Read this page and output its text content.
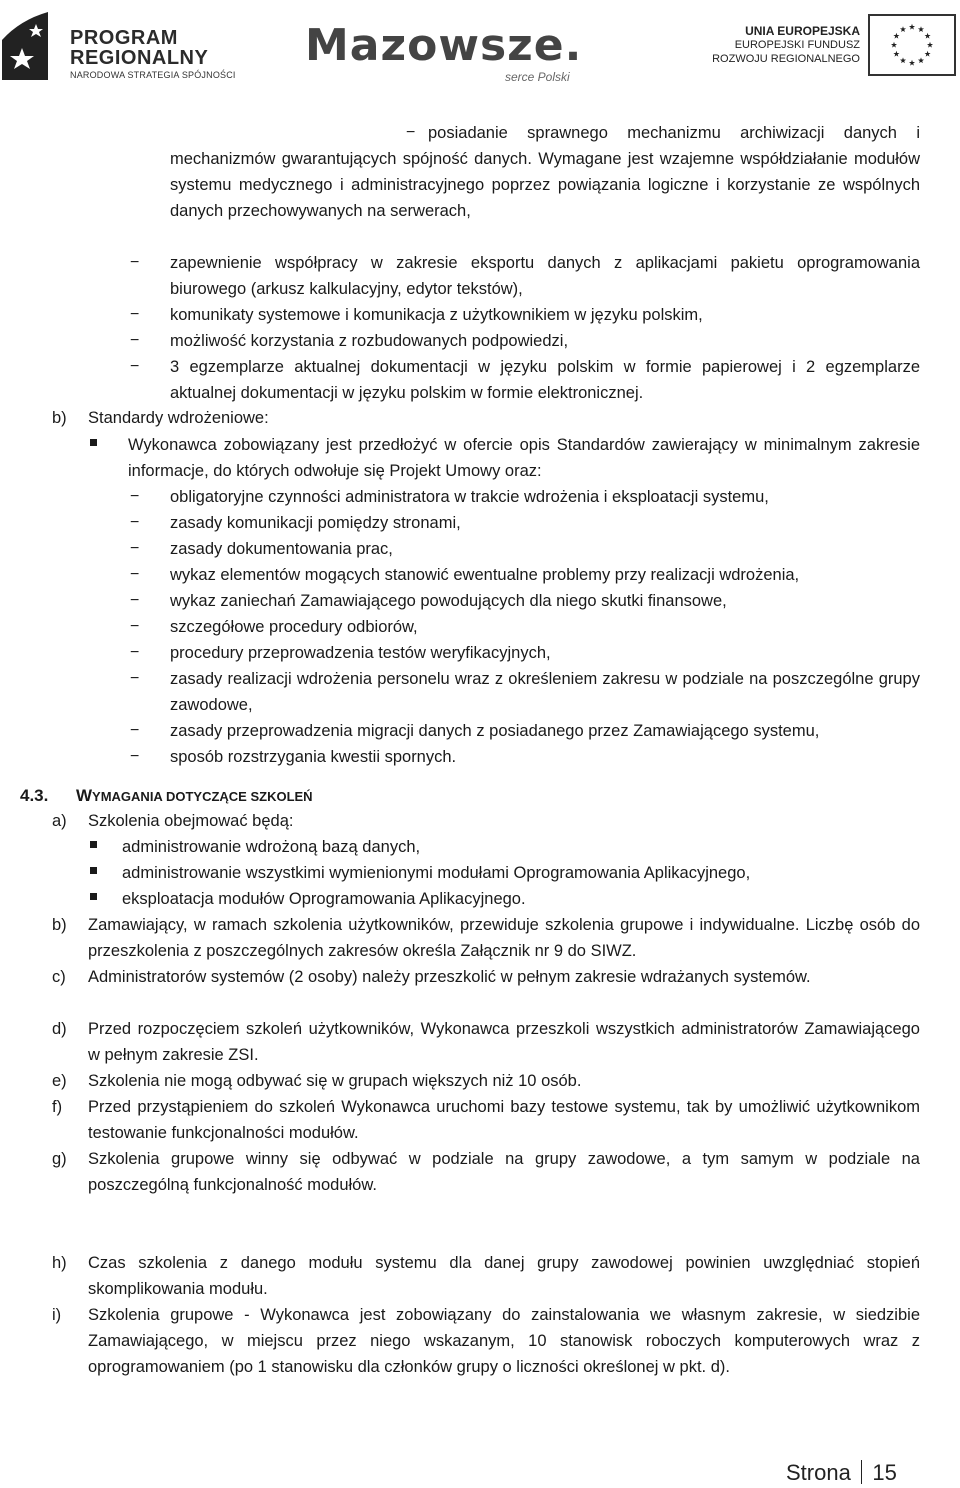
PROGRAM
REGIONALNY
NARODOWA STRATEGIA SPÓJNOŚCI
Mazowsze.
serce Polski
UNIA EUROPEJSKA
EUROPEJSKI FUNDUSZ
ROZWOJU REGIONALNEGO
− posiadanie sprawnego mechanizmu archiwizacji danych i mechanizmów gwarantujących spójność danych. Wymagane jest wzajemne współdziałanie modułów systemu medycznego i administracyjnego poprzez powiązania logiczne i korzystanie ze wspólnych danych przechowywanych na serwerach,
− zapewnienie współpracy w zakresie eksportu danych z aplikacjami pakietu oprogramowania biurowego (arkusz kalkulacyjny, edytor tekstów),
− komunikaty systemowe i komunikacja z użytkownikiem w języku polskim,
− możliwość korzystania z rozbudowanych podpowiedzi,
− 3 egzemplarze aktualnej dokumentacji w języku polskim w formie papierowej i 2 egzemplarze aktualnej dokumentacji w języku polskim w formie elektronicznej.
b) Standardy wdrożeniowe:
Wykonawca zobowiązany jest przedłożyć w ofercie opis Standardów zawierający w minimalnym zakresie informacje, do których odwołuje się Projekt Umowy oraz:
− obligatoryjne czynności administratora w trakcie wdrożenia i eksploatacji systemu,
− zasady komunikacji pomiędzy stronami,
− zasady dokumentowania prac,
− wykaz elementów mogących stanowić ewentualne problemy przy realizacji wdrożenia,
− wykaz zaniechań Zamawiającego powodujących dla niego skutki finansowe,
− szczegółowe procedury odbiorów,
− procedury przeprowadzenia testów weryfikacyjnych,
− zasady realizacji wdrożenia personelu wraz z określeniem zakresu w podziale na poszczególne grupy zawodowe,
− zasady przeprowadzenia migracji danych z posiadanego przez Zamawiającego systemu,
− sposób rozstrzygania kwestii spornych.
4.3. WYMAGANIA DOTYCZĄCE SZKOLEŃ
a) Szkolenia obejmować będą:
administrowanie wdrożoną bazą danych,
administrowanie wszystkimi wymienionymi modułami Oprogramowania Aplikacyjnego,
eksploatacja modułów Oprogramowania Aplikacyjnego.
b) Zamawiający, w ramach szkolenia użytkowników, przewiduje szkolenia grupowe i indywidualne. Liczbę osób do przeszkolenia z poszczególnych zakresów określa Załącznik nr 9 do SIWZ.
c) Administratorów systemów (2 osoby) należy przeszkolić w pełnym zakresie wdrażanych systemów.
d) Przed rozpoczęciem szkoleń użytkowników, Wykonawca przeszkoli wszystkich administratorów Zamawiającego w pełnym zakresie ZSI.
e) Szkolenia nie mogą odbywać się w grupach większych niż 10 osób.
f) Przed przystąpieniem do szkoleń Wykonawca uruchomi bazy testowe systemu, tak by umożliwić użytkownikom testowanie funkcjonalności modułów.
g) Szkolenia grupowe winny się odbywać w podziale na grupy zawodowe, a tym samym w podziale na poszczególną funkcjonalność modułów.
h) Czas szkolenia z danego modułu systemu dla danej grupy zawodowej powinien uwzględniać stopień skomplikowania modułu.
i) Szkolenia grupowe - Wykonawca jest zobowiązany do zainstalowania we własnym zakresie, w siedzibie Zamawiającego, w miejscu przez niego wskazanym, 10 stanowisk roboczych komputerowych wraz z oprogramowaniem (po 1 stanowisku dla członków grupy o liczności określonej w pkt. d).
Strona 15
